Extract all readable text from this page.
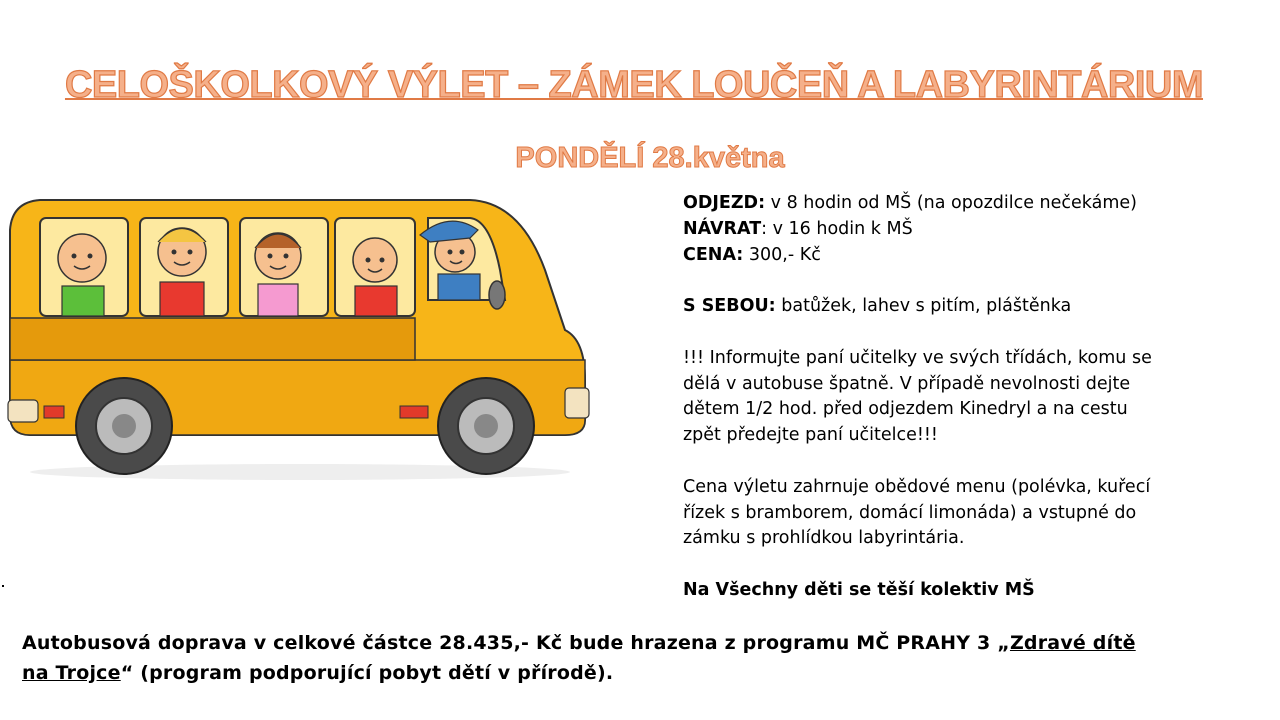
CELOŠKOLKOVÝ VÝLET – ZÁMEK LOUČEŇ A LABYRINTÁRIUM
PONDĚLÍ 28.května

ODJEZD: v 8 hodin od MŠ (na opozdilce nečekáme)

NÁVRAT: v 16 hodin k MŠ

CENA: 300,- Kč

S SEBOU: batůžek, lahev s pitím, pláštěnka

!!! Informujte paní učitelky ve svých třídách, komu se

dělá v autobuse špatně. V případě nevolnosti dejte

dětem 1/2 hod. před odjezdem Kinedryl a na cestu

zpět předejte paní učitelce!!!

Cena výletu zahrnuje obědové menu (polévka, kuřecí

řízek s bramborem, domácí limonáda) a vstupné do

zámku s prohlídkou labyrintária.

Na Všechny děti se těší kolektiv MŠ

Autobusová doprava v celkové částce 28.435,- Kč bude hrazena z programu MČ PRAHY 3 „Zdravé dítě
na Trojce“ (program podporující pobyt dětí v přírodě).
